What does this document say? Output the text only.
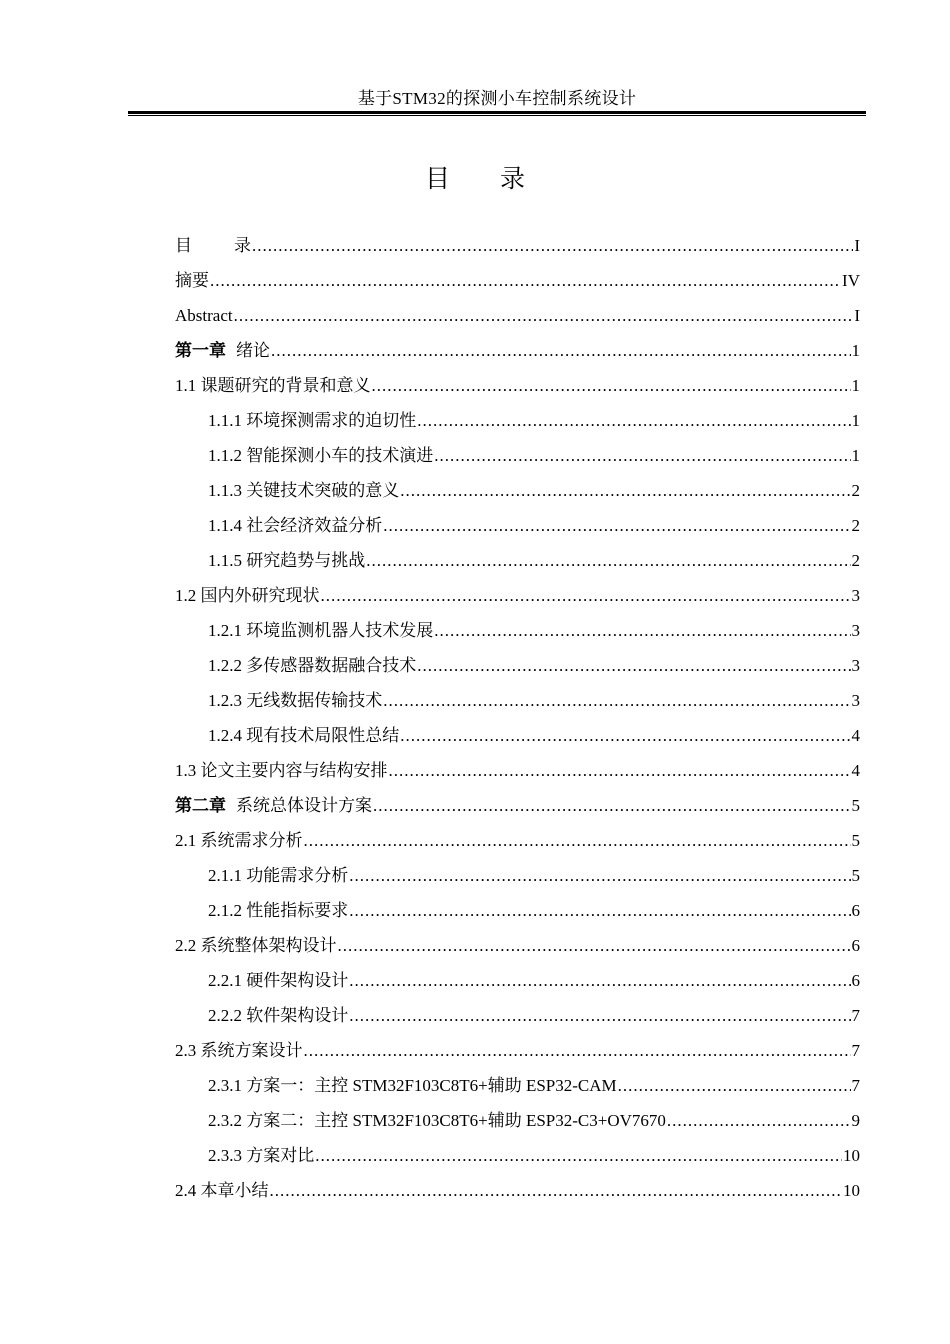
基于STM32的探测小车控制系统设计
目 录
目 录 .....	I
摘要 .....	IV
Abstract .....	I
第一章 绪论 .....	1
1.1 课题研究的背景和意义 .....	1
1.1.1 环境探测需求的迫切性 .....	1
1.1.2 智能探测小车的技术演进 .....	1
1.1.3 关键技术突破的意义 .....	2
1.1.4 社会经济效益分析 .....	2
1.1.5 研究趋势与挑战 .....	2
1.2 国内外研究现状 .....	3
1.2.1 环境监测机器人技术发展 .....	3
1.2.2 多传感器数据融合技术 .....	3
1.2.3 无线数据传输技术 .....	3
1.2.4 现有技术局限性总结 .....	4
1.3 论文主要内容与结构安排 .....	4
第二章 系统总体设计方案 .....	5
2.1 系统需求分析 .....	5
2.1.1 功能需求分析 .....	5
2.1.2 性能指标要求 .....	6
2.2 系统整体架构设计 .....	6
2.2.1 硬件架构设计 .....	6
2.2.2 软件架构设计 .....	7
2.3 系统方案设计 .....	7
2.3.1 方案一：主控 STM32F103C8T6+辅助 ESP32-CAM .....	7
2.3.2 方案二：主控 STM32F103C8T6+辅助 ESP32-C3+OV7670 .....	9
2.3.3 方案对比 .....	10
2.4 本章小结 .....	10
